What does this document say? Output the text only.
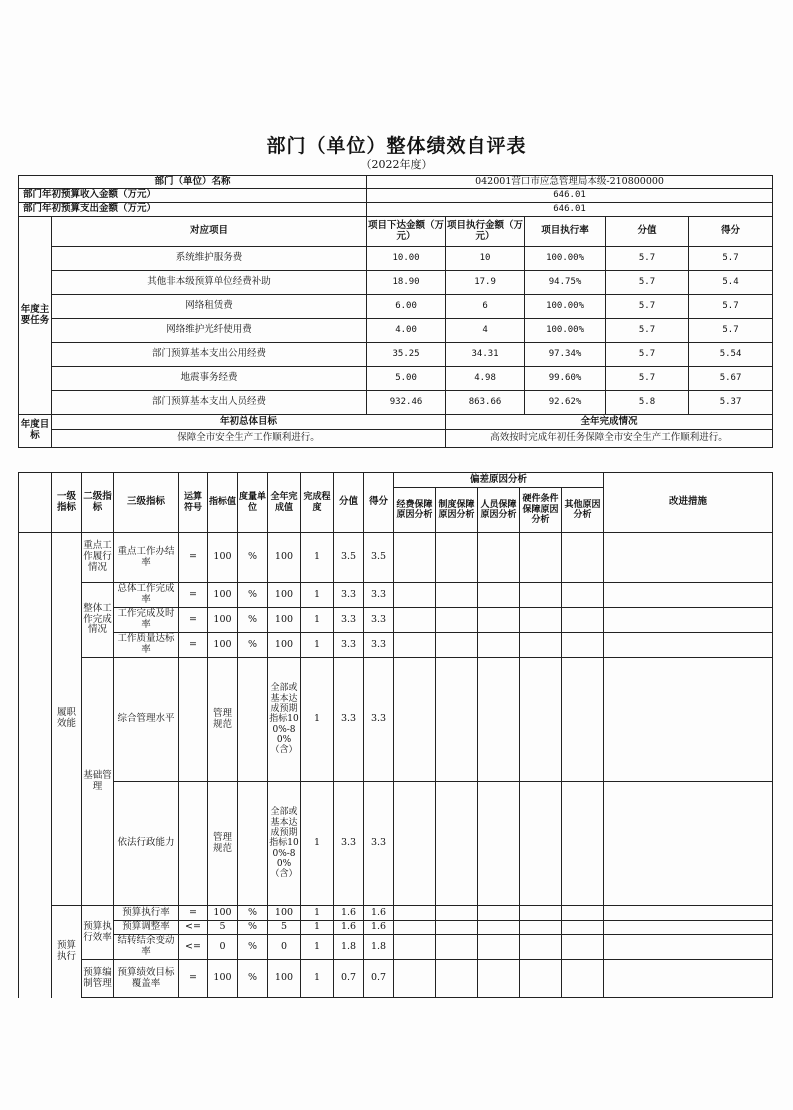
部门（单位）整体绩效自评表
（2022年度）
部门（单位）名称		042001营口市应急管理局本级-210800000				
部门年初预算收入金额（万元）		646.01				
部门年初预算支出金额（万元）		646.01				
年度主要任务	对应项目	项目下达金额（万元）	项目执行金额（万元）	项目执行率	分值	得分
	系统维护服务费	10.00	10	100.00%	5.7	5.7
	其他非本级预算单位经费补助	18.90	17.9	94.75%	5.7	5.4
	网络租赁费	6.00	6	100.00%	5.7	5.7
	网络维护光纤使用费	4.00	4	100.00%	5.7	5.7
	部门预算基本支出公用经费	35.25	34.31	97.34%	5.7	5.54
	地震事务经费	5.00	4.98	99.60%	5.7	5.67
	部门预算基本支出人员经费	932.46	863.66	92.62%	5.8	5.37
年度目标	年初总体目标		全年完成情况			
	保障全市安全生产工作顺利进行。		高效按时完成年初任务保障全市安全生产工作顺利进行。			
	一级指标	二级指标	三级指标	运算符号	指标值	度量单位	全年完成值	完成程度	分值	得分	偏差原因分析					改进措施
											经费保障原因分析	制度保障原因分析	人员保障原因分析	硬件条件保障原因分析	其他原因分析	
	履职效能	重点工作履行情况	重点工作办结率	=	100	%	100	1	3.5	3.5						
		整体工作完成情况	总体工作完成率	=	100	%	100	1	3.3	3.3						
			工作完成及时率	=	100	%	100	1	3.3	3.3						
			工作质量达标率	=	100	%	100	1	3.3	3.3						
		基础管理	综合管理水平		管理规范		全部或基本达成预期指标100%-80%（含）	1	3.3	3.3						
			依法行政能力		管理规范		全部或基本达成预期指标100%-80%（含）	1	3.3	3.3						
	预算执行	预算执行效率	预算执行率	=	100	%	100	1	1.6	1.6						
			预算调整率	<=	5	%	5	1	1.6	1.6						
			结转结余变动率	<=	0	%	0	1	1.8	1.8						
		预算编制管理	预算绩效目标覆盖率	=	100	%	100	1	0.7	0.7						
